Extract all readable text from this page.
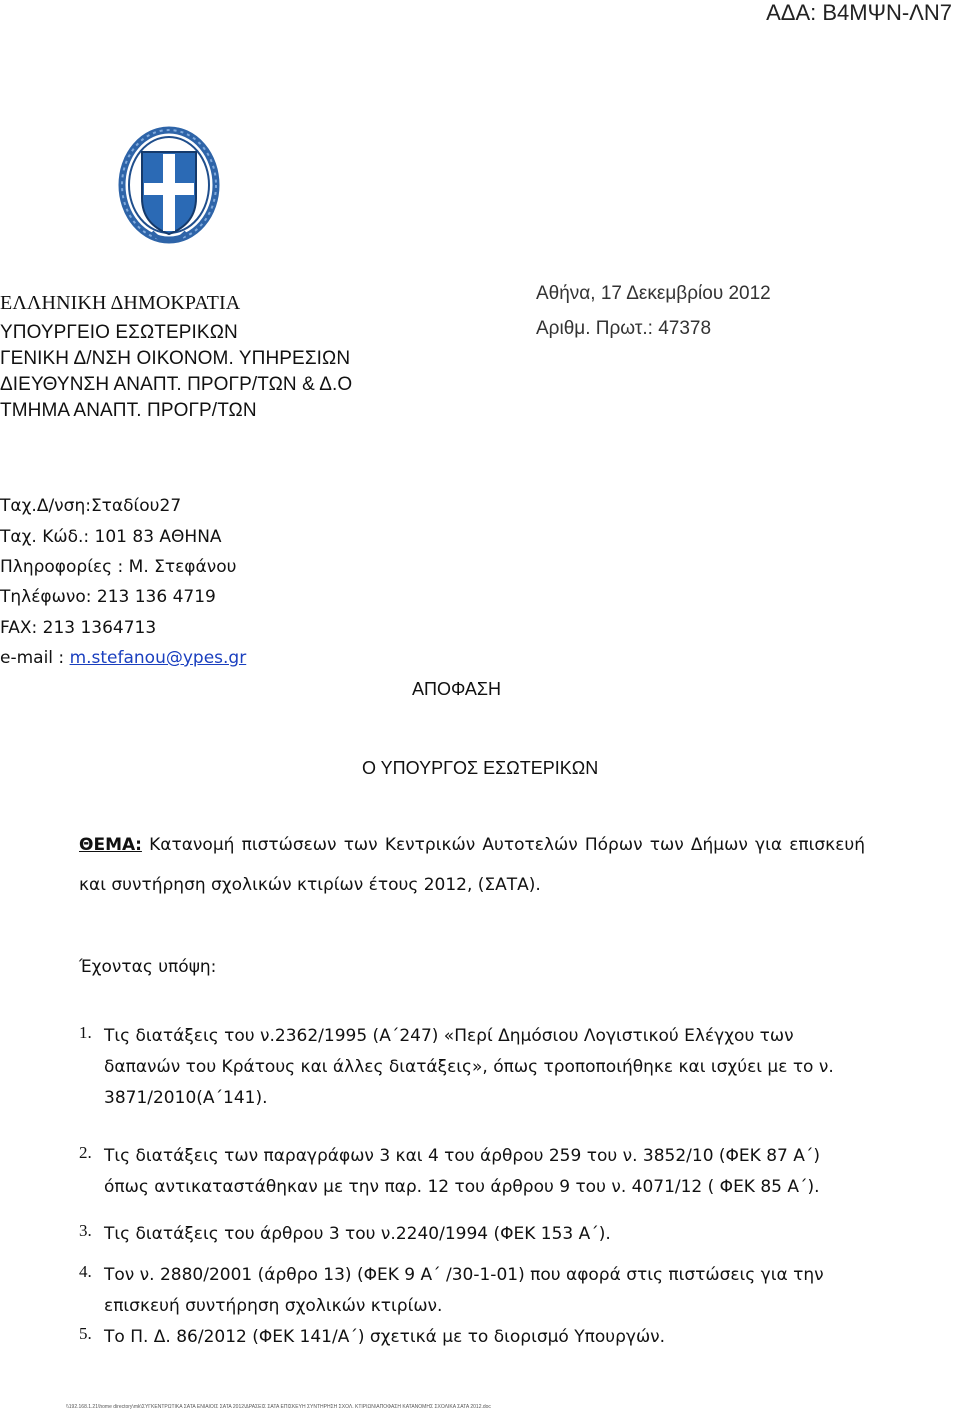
ΑΔΑ: Β4ΜΨΝ-ΛΝ7
ΕΛΛΗΝΙΚΗ ΔΗΜΟΚΡΑΤΙΑ
ΥΠΟΥΡΓΕΙΟ ΕΣΩΤΕΡΙΚΩΝ
ΓΕΝΙΚΗ Δ/ΝΣΗ ΟΙΚΟΝΟΜ. ΥΠΗΡΕΣΙΩΝ
ΔΙΕΥΘΥΝΣΗ ΑΝΑΠΤ. ΠΡΟΓΡ/ΤΩΝ & Δ.Ο
ΤΜΗΜΑ ΑΝΑΠΤ. ΠΡΟΓΡ/ΤΩΝ
Αθήνα, 17 Δεκεμβρίου 2012
Αριθμ. Πρωτ.: 47378
Ταχ.Δ/νση:Σταδίου27
Ταχ. Κώδ.: 101 83 ΑΘΗΝΑ
Πληροφορίες : Μ. Στεφάνου
Τηλέφωνο: 213 136 4719
FAX: 213 1364713
e-mail : m.stefanou@ypes.gr
ΑΠΟΦΑΣΗ
Ο ΥΠΟΥΡΓΟΣ ΕΣΩΤΕΡΙΚΩΝ
ΘΕΜΑ: Κατανομή πιστώσεων των Κεντρικών Αυτοτελών Πόρων των Δήμων για επισκευή και συντήρηση σχολικών κτιρίων έτους 2012, (ΣΑΤΑ).
Έχοντας υπόψη:
1. Τις διατάξεις του ν.2362/1995 (Α΄247) «Περί Δημόσιου Λογιστικού Ελέγχου των δαπανών του Κράτους και άλλες διατάξεις», όπως τροποποιήθηκε και ισχύει με το ν. 3871/2010(Α΄141).
2. Τις διατάξεις των παραγράφων 3 και 4 του άρθρου 259 του ν. 3852/10 (ΦΕΚ 87 Α΄) όπως αντικαταστάθηκαν με την παρ. 12 του άρθρου 9 του ν. 4071/12 ( ΦΕΚ 85 Α΄).
3. Τις διατάξεις του άρθρου 3 του ν.2240/1994 (ΦΕΚ 153 Α΄).
4. Τον ν. 2880/2001 (άρθρο 13) (ΦΕΚ 9 Α΄ /30-1-01) που αφορά στις πιστώσεις για την επισκευή συντήρηση σχολικών κτιρίων.
5. Το Π. Δ. 86/2012 (ΦΕΚ 141/Α΄) σχετικά με το διορισμό Υπουργών.
\\192.168.1.21\home directory\mk\ΣΥΓΚΕΝΤΡΩΤΙΚΑ ΣΑΤΑ ΕΝΙΑΙΟΙΣ ΣΑΤΑ 2012\ΔΡΑΣΕΙΣ ΣΑΤΑ ΕΠΙΣΚΕΥΗ ΣΥΝΤΗΡΗΣΗ ΣΧΟΛ. ΚΤΙΡΙΩΝ\ΑΠΟΦΑΣΗ ΚΑΤΑΝΟΜΗΣ ΣΧΟΛΙΚΑ ΣΑΤΑ 2012.doc
